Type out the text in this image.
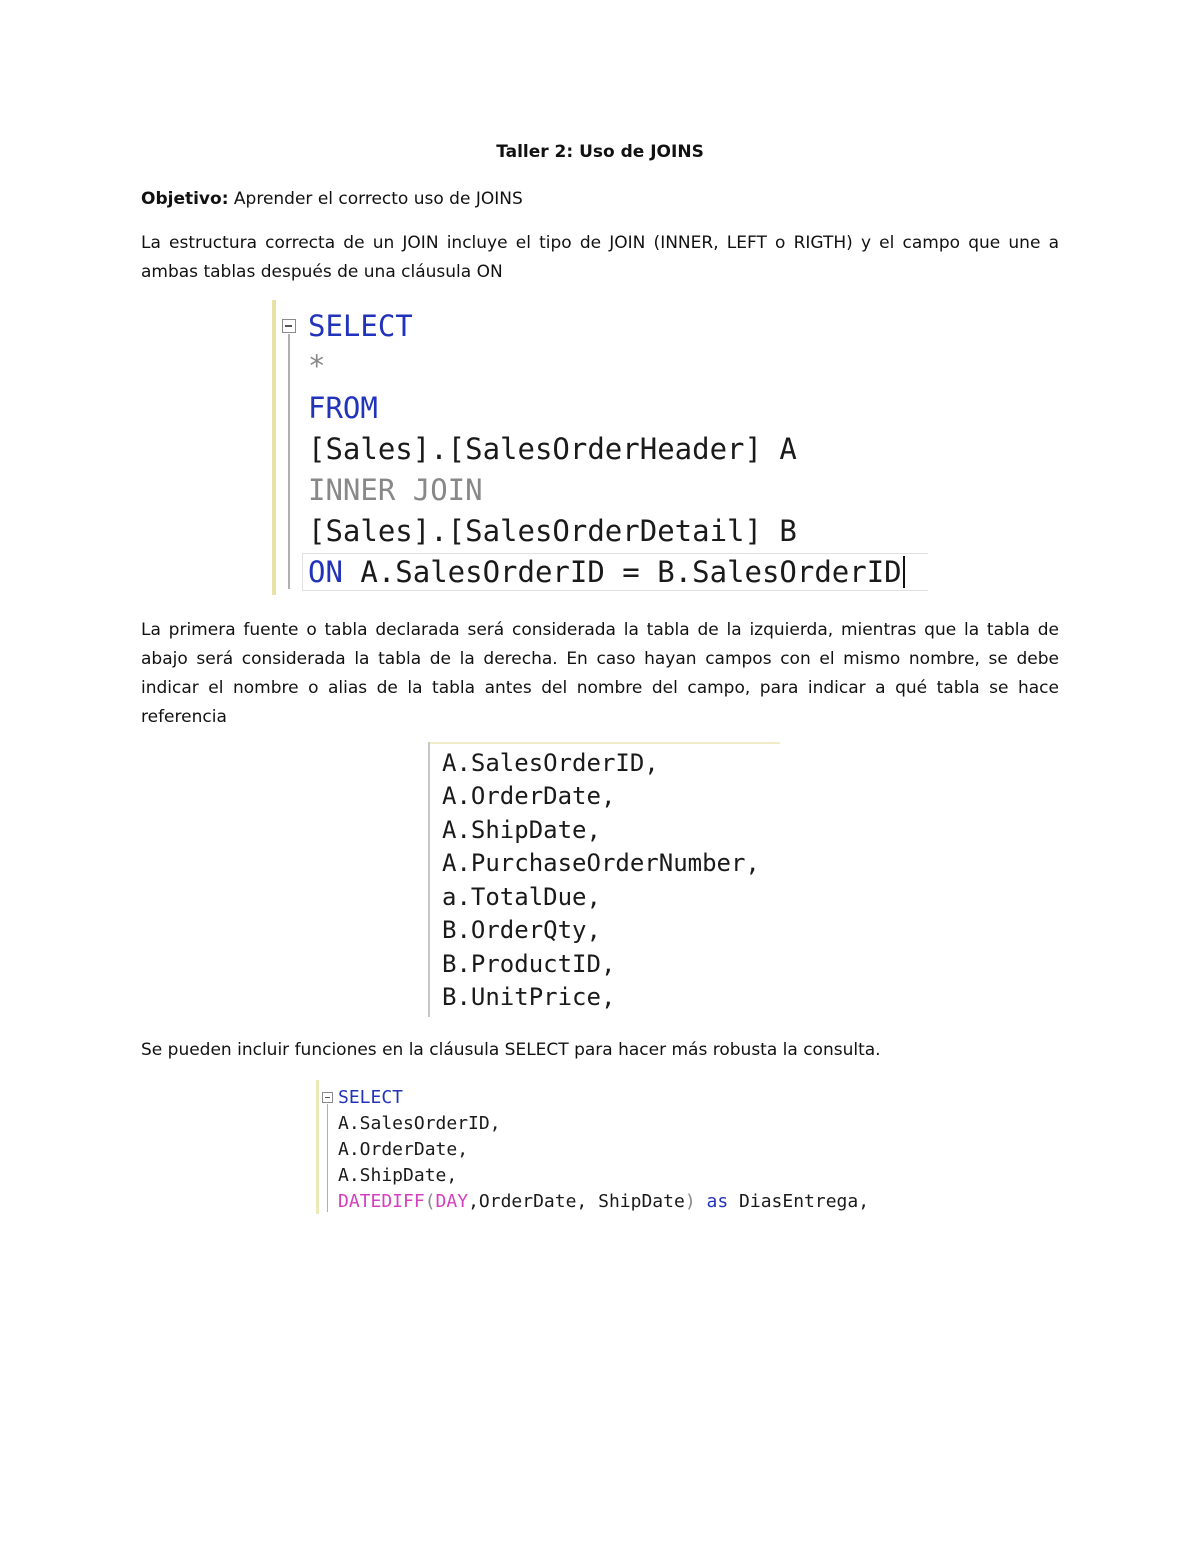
Taller 2: Uso de JOINS
Objetivo: Aprender el correcto uso de JOINS
La estructura correcta de un JOIN incluye el tipo de JOIN (INNER, LEFT o RIGTH) y el campo que une a ambas tablas después de una cláusula ON

SELECT

*

FROM

[Sales].[SalesOrderHeader] A

INNER JOIN

[Sales].[SalesOrderDetail] B

ON A.SalesOrderID = B.SalesOrderID

La primera fuente o tabla declarada será considerada la tabla de la izquierda, mientras que la tabla de abajo será considerada la tabla de la derecha. En caso hayan campos con el mismo nombre, se debe indicar el nombre o alias de la tabla antes del nombre del campo, para indicar a qué tabla se hace referencia

A.SalesOrderID,

A.OrderDate,

A.ShipDate,

A.PurchaseOrderNumber,

a.TotalDue,

B.OrderQty,

B.ProductID,

B.UnitPrice,

Se pueden incluir funciones en la cláusula SELECT para hacer más robusta la consulta.

SELECT

A.SalesOrderID,

A.OrderDate,

A.ShipDate,

DATEDIFF(DAY,OrderDate, ShipDate) as DiasEntrega,
